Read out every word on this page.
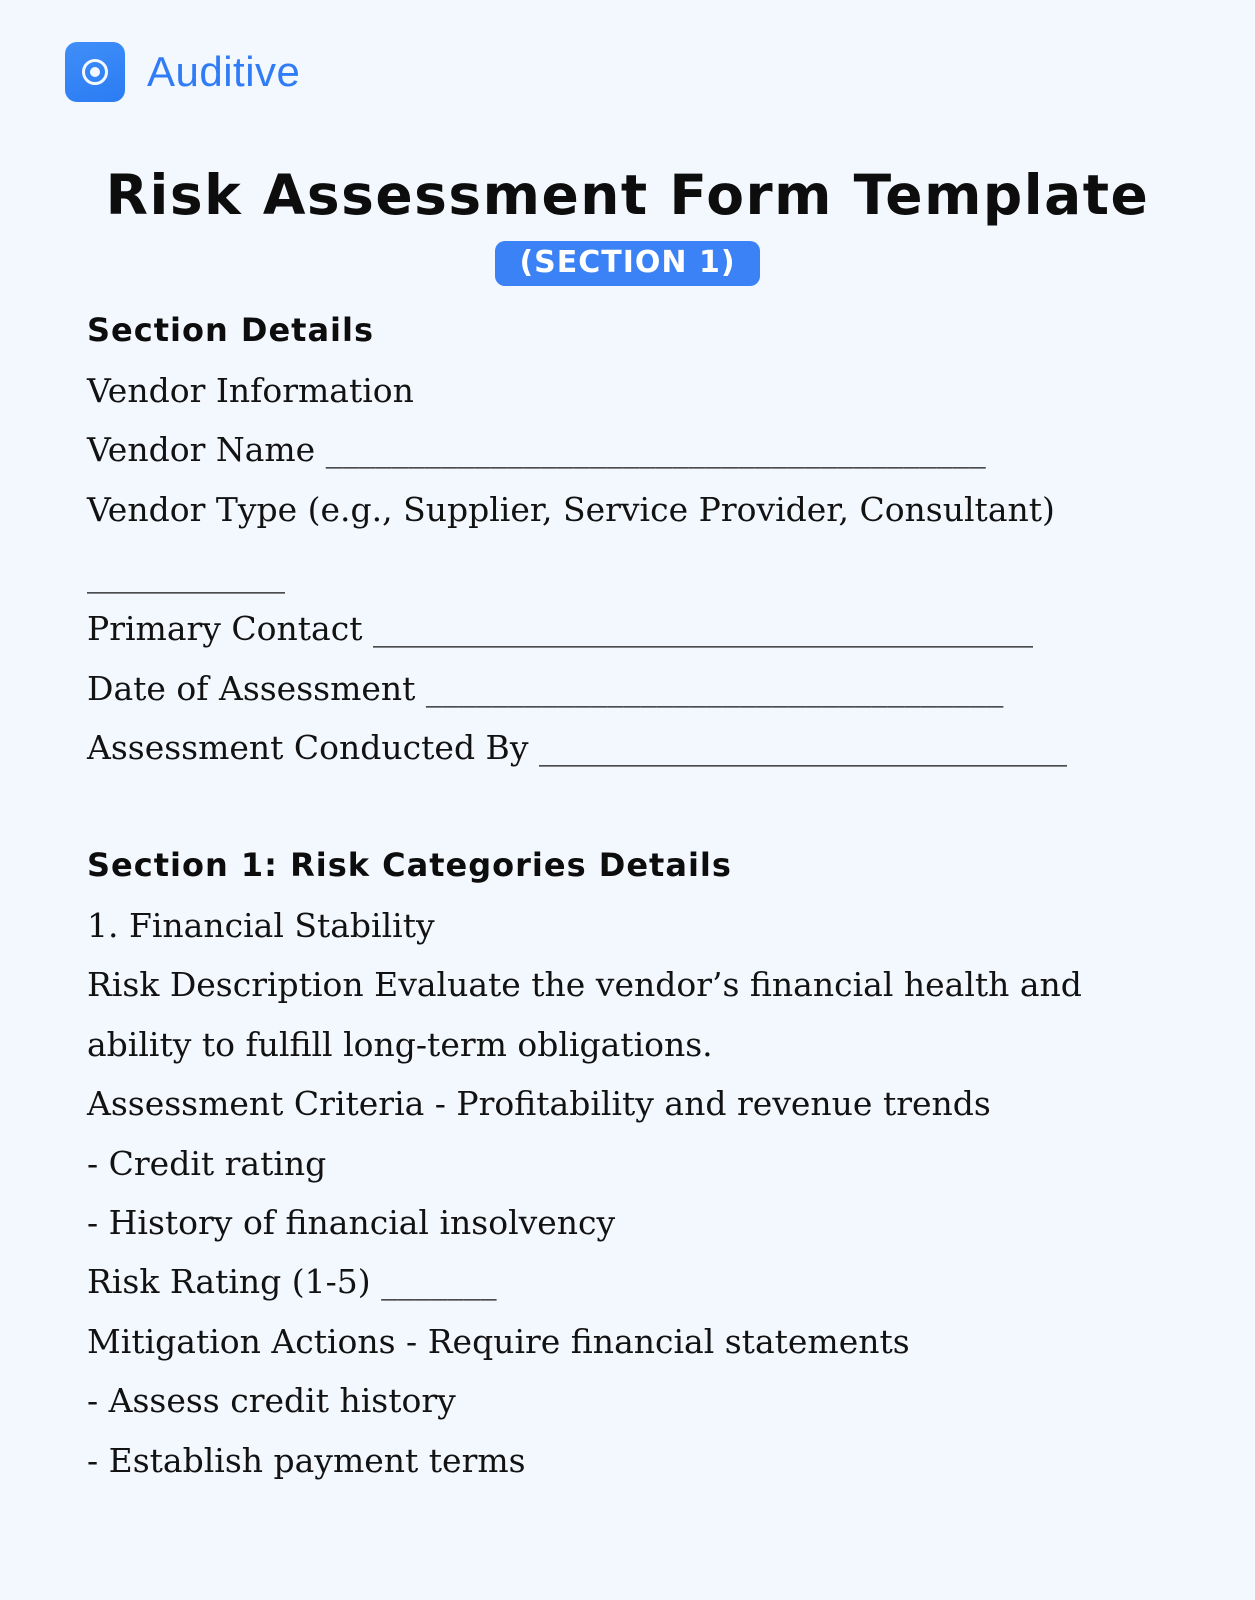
Auditive
Risk Assessment Form Template
(SECTION 1)
Section Details
Vendor Information
Vendor Name ________________________________________
Vendor Type (e.g., Supplier, Service Provider, Consultant)
____________
Primary Contact ________________________________________
Date of Assessment ___________________________________
Assessment Conducted By ________________________________
Section 1: Risk Categories Details
1. Financial Stability
Risk Description Evaluate the vendor’s financial health and
ability to fulfill long-term obligations.
Assessment Criteria - Profitability and revenue trends
- Credit rating
- History of financial insolvency
Risk Rating (1-5) _______
Mitigation Actions - Require financial statements
- Assess credit history
- Establish payment terms
